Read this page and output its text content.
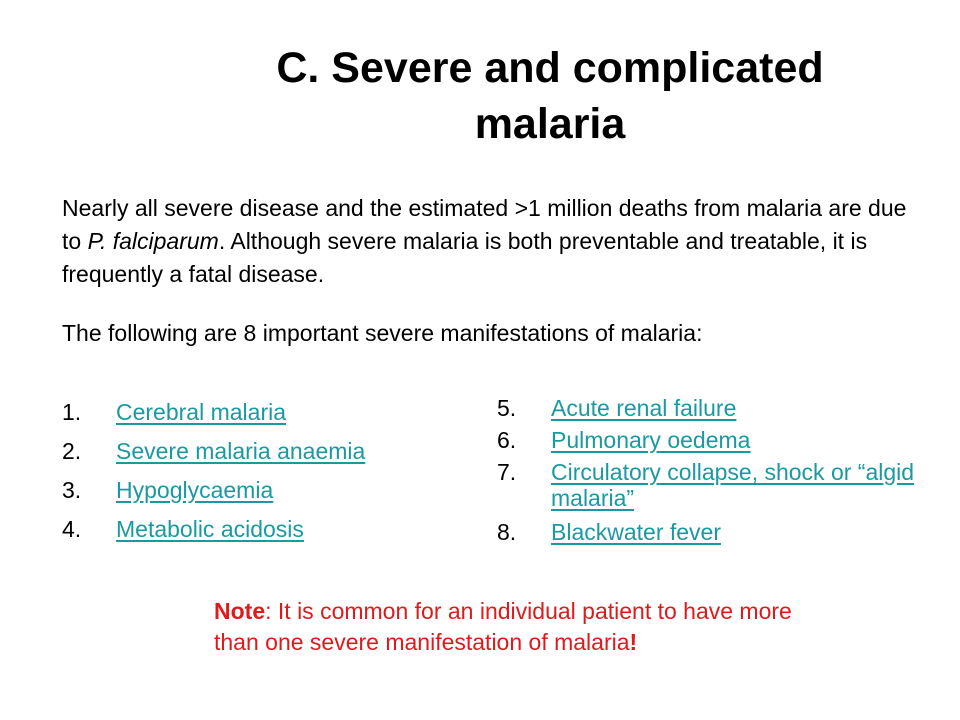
C. Severe and complicated
malaria

Nearly all severe disease and the estimated >1 million deaths from malaria are due to P. falciparum. Although severe malaria is both preventable and treatable, it is frequently a fatal disease.

The following are 8 important severe manifestations of malaria:

1. Cerebral malaria
2. Severe malaria anaemia
3. Hypoglycaemia
4. Metabolic acidosis
5. Acute renal failure
6. Pulmonary oedema
7. Circulatory collapse, shock or “algid malaria”
8. Blackwater fever

Note: It is common for an individual patient to have more than one severe manifestation of malaria!
